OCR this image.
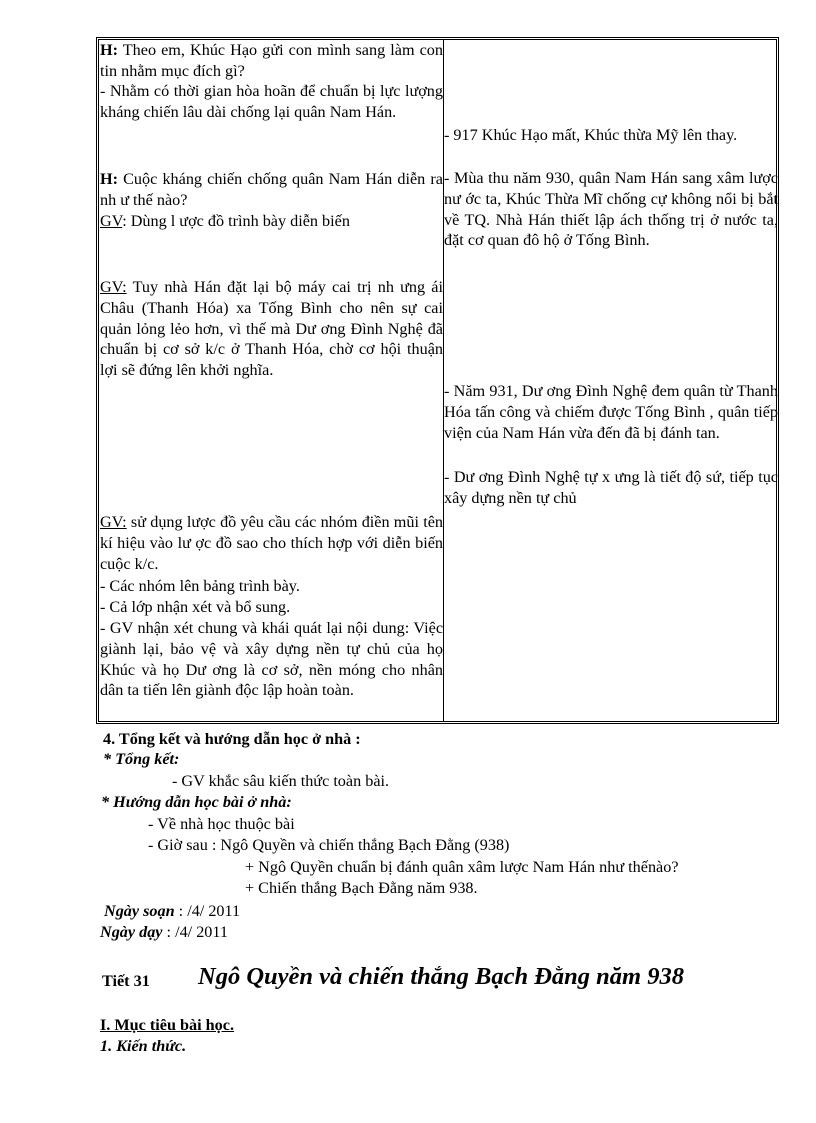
H: Theo em, Khúc Hạo gửi con mình sang làm con tin nhằm mục đích gì?
- Nhằm có thời gian hòa hoãn để chuẩn bị lực lượng kháng chiến lâu dài chống lại quân Nam Hán.
H: Cuộc kháng chiến chống quân Nam Hán diễn ra nh ư thế nào?
GV: Dùng l ược đồ trình bày diễn biến
GV: Tuy nhà Hán đặt lại bộ máy cai trị nh ưng ái Châu (Thanh Hóa) xa Tống Bình cho nên sự cai quản lỏng lẻo hơn, vì thế mà Dư ơng Đình Nghệ đã chuẩn bị cơ sở k/c ở Thanh Hóa, chờ cơ hội thuận lợi sẽ đứng lên khởi nghĩa.
GV: sử dụng lược đồ yêu cầu các nhóm điền mũi tên kí hiệu vào lư ợc đồ sao cho thích hợp với diễn biến cuộc k/c.
- Các nhóm lên bảng trình bày.
- Cả lớp nhận xét và bổ sung.
- GV nhận xét chung và khái quát lại nội dung: Việc giành lại, bảo vệ và xây dựng nền tự chủ của họ Khúc và họ Dư ơng là cơ sở, nền móng cho nhân dân ta tiến lên giành độc lập hoàn toàn.
- 917 Khúc Hạo mất, Khúc thừa Mỹ lên thay.
- Mùa thu năm 930, quân Nam Hán sang xâm lược nư ớc ta, Khúc Thừa Mĩ chống cự không nổi bị bắt về TQ. Nhà Hán thiết lập ách thống trị ở nước ta, đặt cơ quan đô hộ ở Tống Bình.
- Năm 931, Dư ơng Đình Nghệ đem quân từ Thanh Hóa tấn công và chiếm được Tống Bình , quân tiếp viện của Nam Hán vừa đến đã bị đánh tan.
- Dư ơng Đình Nghệ tự x ưng là tiết độ sứ, tiếp tục xây dựng nền tự chủ
4. Tổng kết và hướng dẫn học ở nhà :
* Tổng kết:
- GV khắc sâu kiến thức toàn bài.
* Hướng dẫn học bài ở nhà:
- Về nhà học thuộc bài
- Giờ sau : Ngô Quyền và chiến thắng Bạch Đằng (938)
+ Ngô Quyền chuẩn bị đánh quân xâm lược Nam Hán như thếnào?
+ Chiến thắng Bạch Đằng năm 938.
Ngày soạn : /4/ 2011
Ngày dạy : /4/ 2011
Tiết 31 Ngô Quyền và chiến thắng Bạch Đằng năm 938
I. Mục tiêu bài học.
1. Kiến thức.
